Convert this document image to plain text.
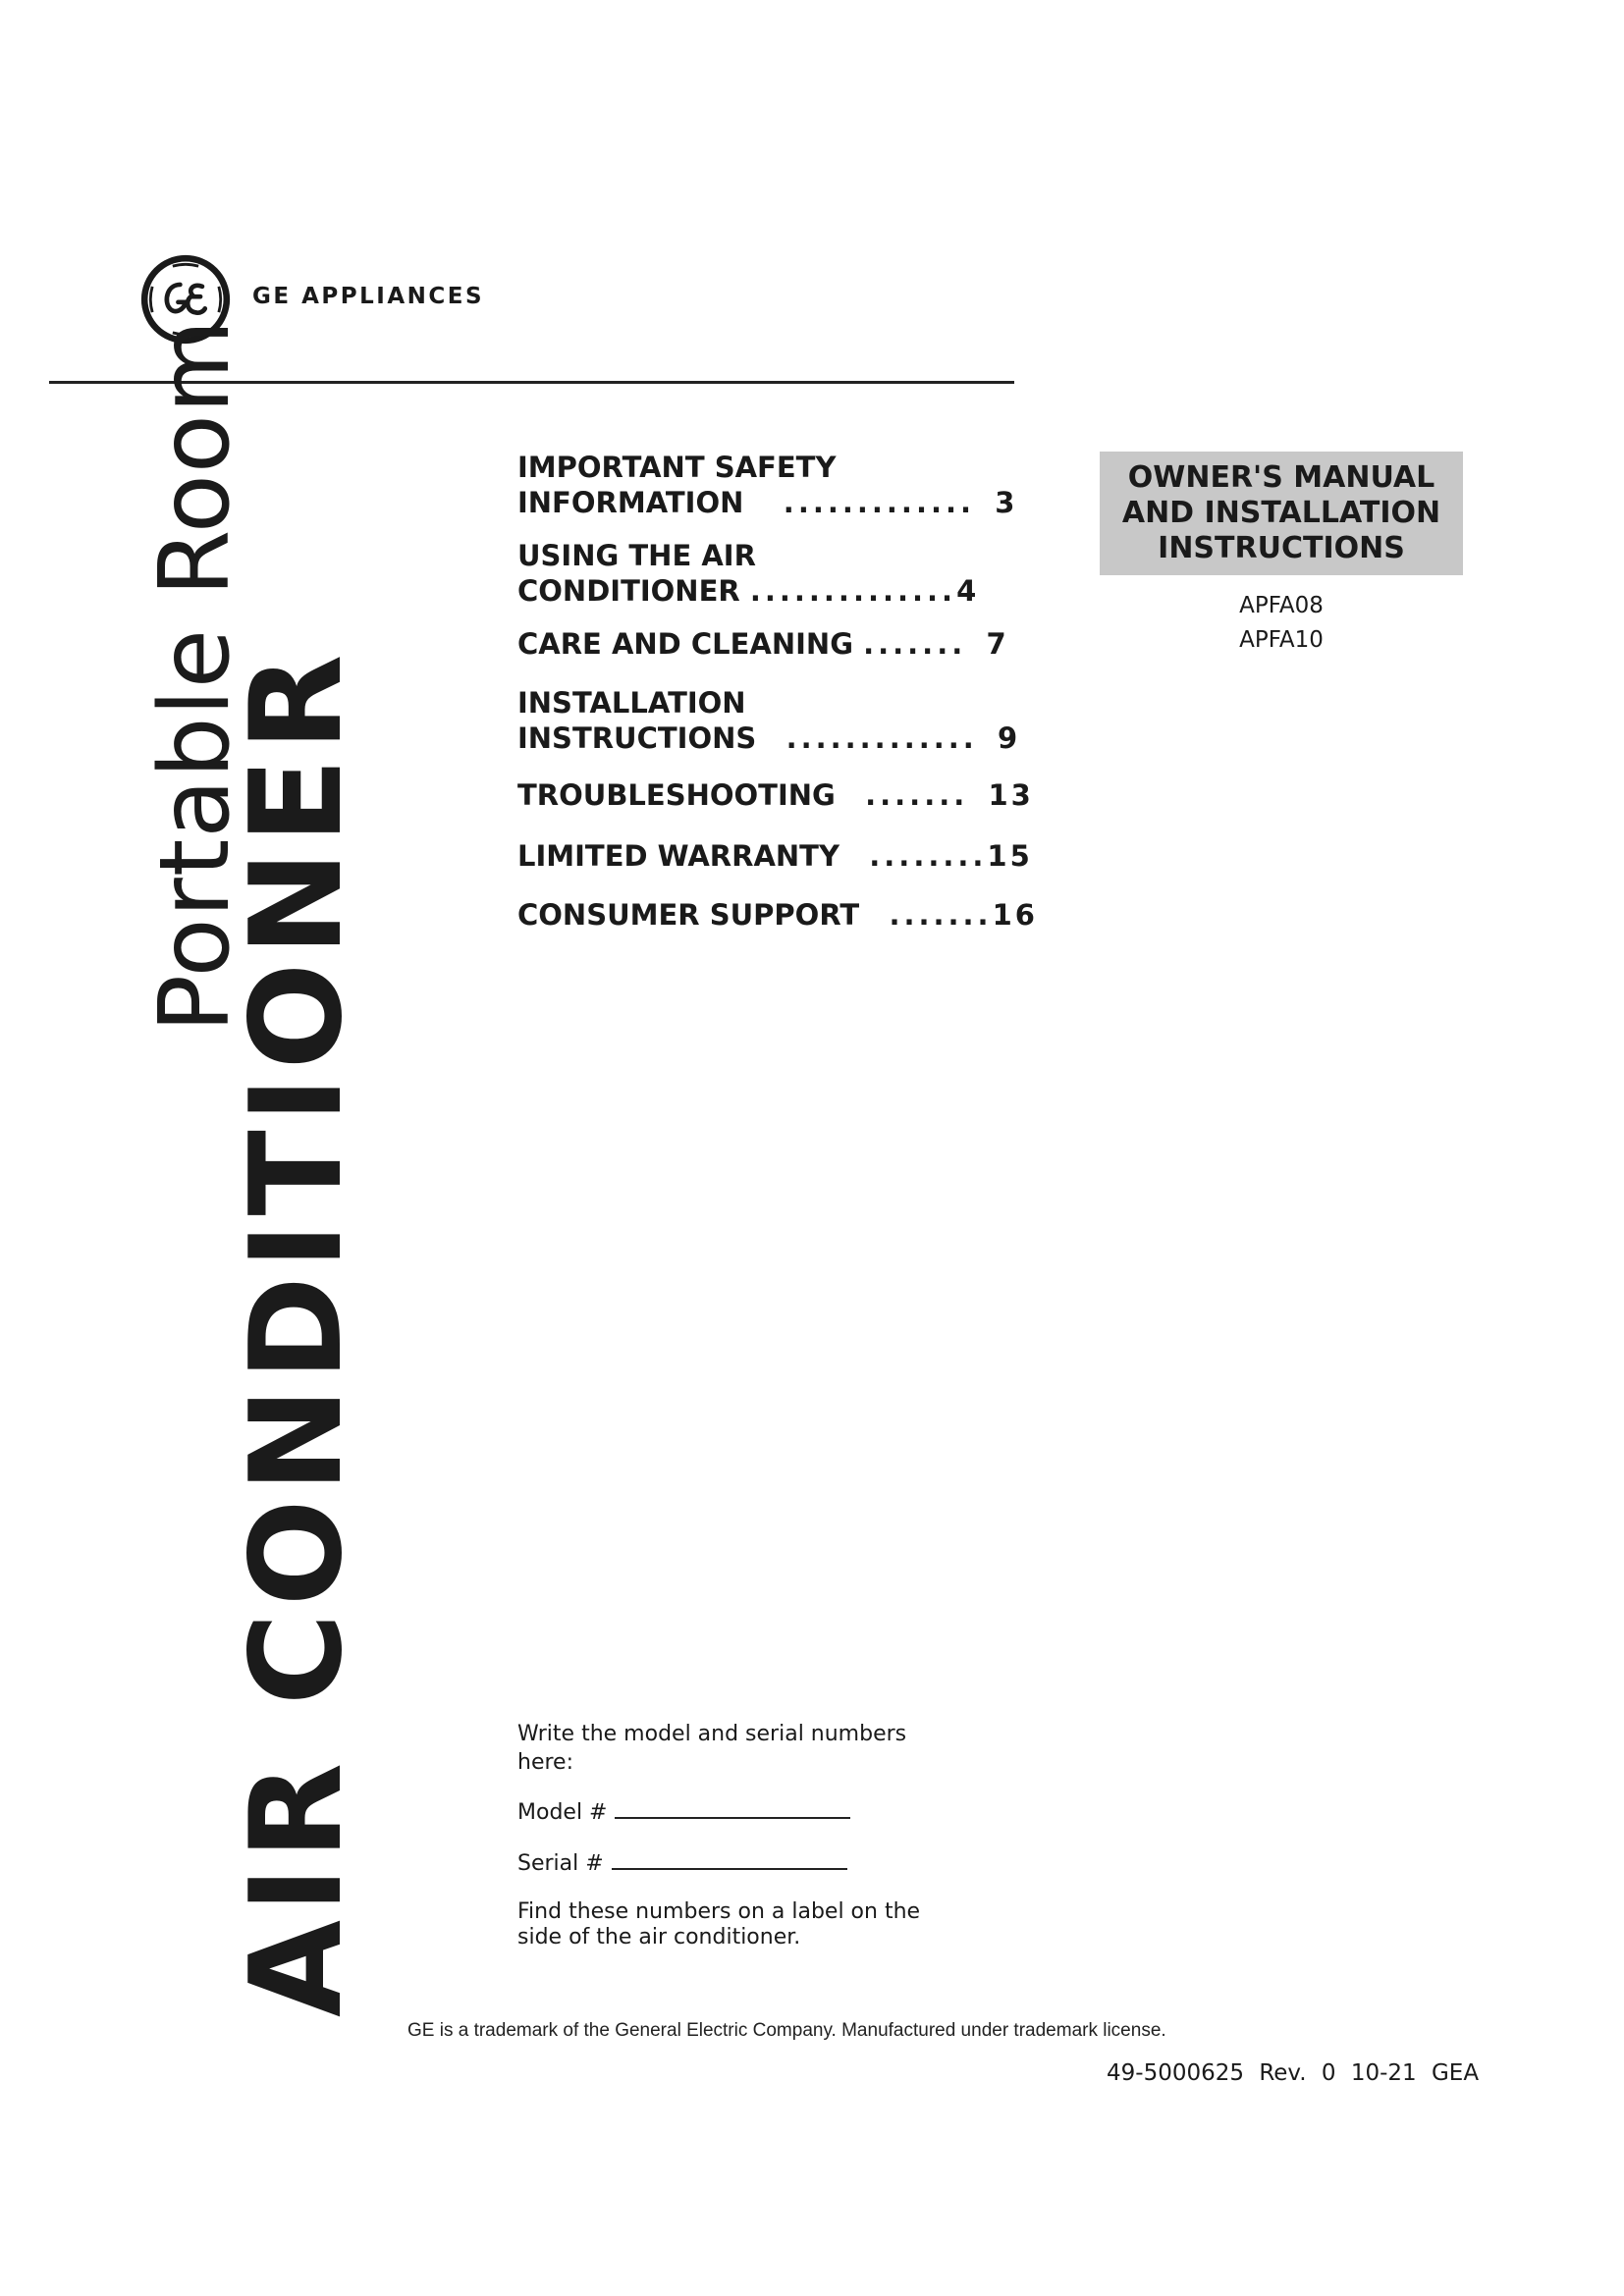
GE APPLIANCES
Portable Room
AIR CONDITIONER
IMPORTANT SAFETY
INFORMATION ............. 3
USING THE AIR
CONDITIONER ..............4
CARE AND CLEANING ....... 7
INSTALLATION
INSTRUCTIONS ............. 9
TROUBLESHOOTING ....... 13
LIMITED WARRANTY ........15
CONSUMER SUPPORT .......16
OWNER'S MANUAL
AND INSTALLATION
INSTRUCTIONS
APFA08
APFA10
Write the model and serial numbers here:
Model #
Serial #
Find these numbers on a label on the side of the air conditioner.
GE is a trademark of the General Electric Company. Manufactured under trademark license.
49-5000625 Rev. 0 10-21 GEA
